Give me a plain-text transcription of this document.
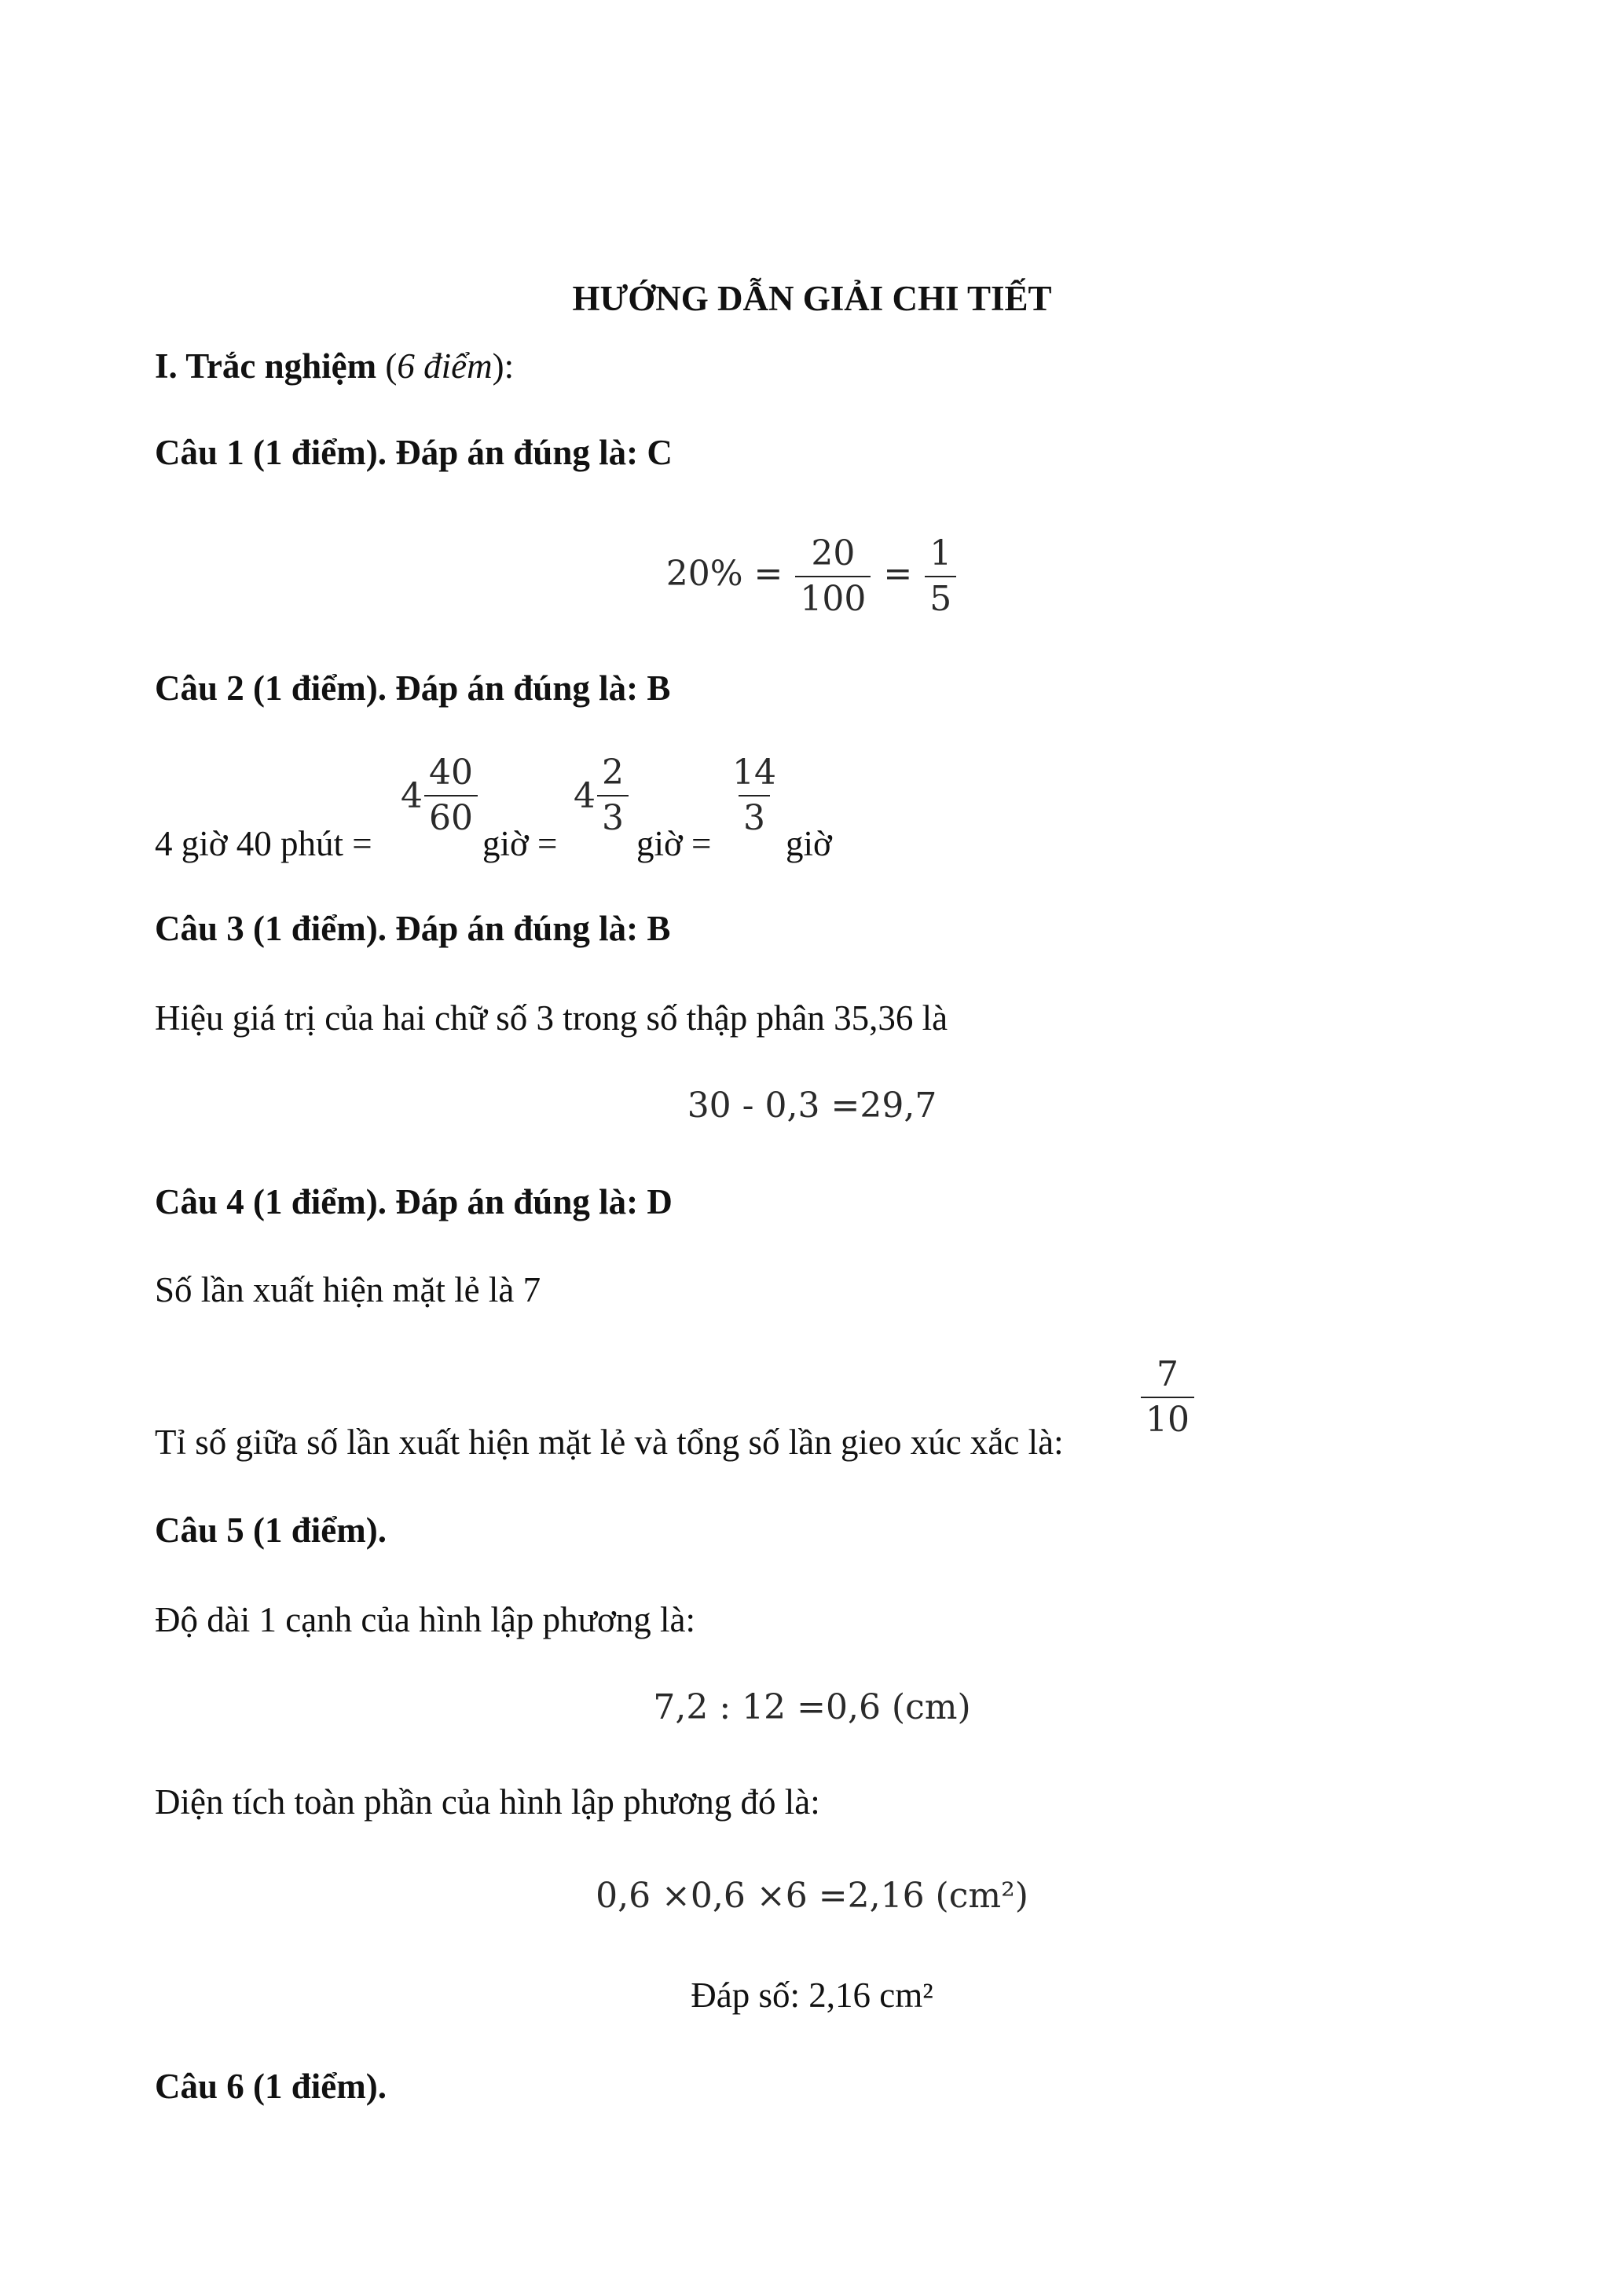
HƯỚNG DẪN GIẢI CHI TIẾT
I. Trắc nghiệm (6 điểm):
Câu 1 (1 điểm). Đáp án đúng là: C
$20\% = \frac{20}{100} = \frac{1}{5}$
Câu 2 (1 điểm). Đáp án đúng là: B
4 giờ 40 phút =
$4 \frac{40}{60}$
giờ =
$4 \frac{2}{3}$
giờ =
$\frac{14}{3}$
giờ
Câu 3 (1 điểm). Đáp án đúng là: B
Hiệu giá trị của hai chữ số 3 trong số thập phân 35,36 là
30 - 0,3 =29,7
Câu 4 (1 điểm). Đáp án đúng là: D
Số lần xuất hiện mặt lẻ là 7
Tỉ số giữa số lần xuất hiện mặt lẻ và tổng số lần gieo xúc xắc là:
$\frac{7}{10}$
Câu 5 (1 điểm).
Độ dài 1 cạnh của hình lập phương là:
7,2 : 12 =0,6 (cm)
Diện tích toàn phần của hình lập phương đó là:
0,6 ×0,6 ×6 =2,16 (cm²)
Đáp số: 2,16 cm²
Câu 6 (1 điểm).
